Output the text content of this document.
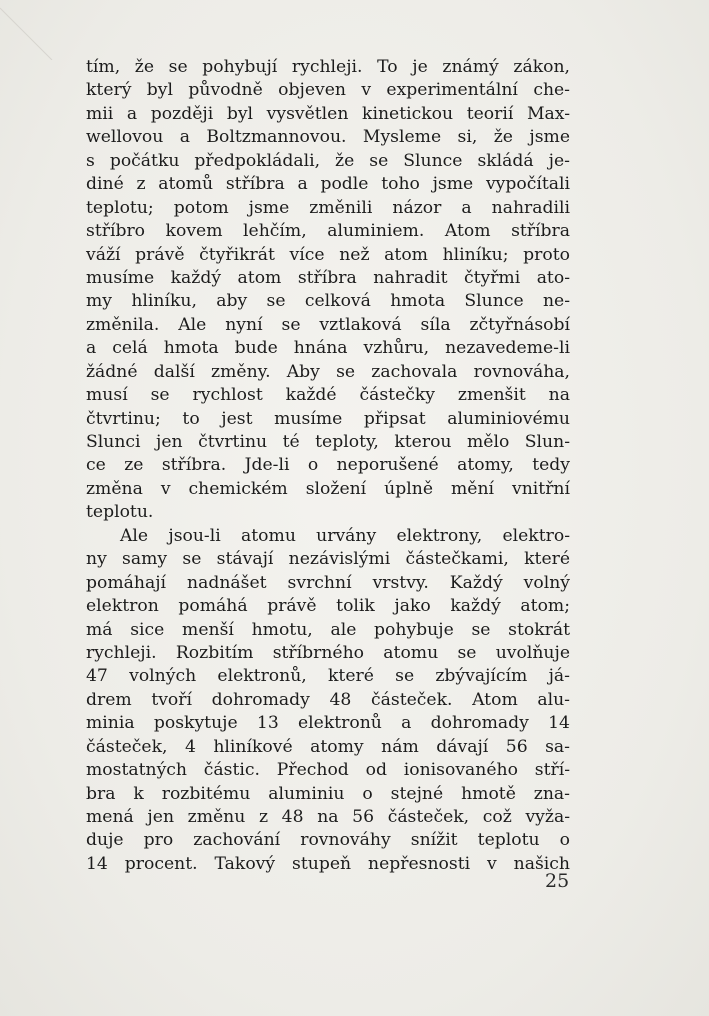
tím, že se pohybují rychleji. To je známý zákon,
který byl původně objeven v experimentální che-
mii a později byl vysvětlen kinetickou teorií Max-
wellovou a Boltzmannovou. Mysleme si, že jsme
s počátku předpokládali, že se Slunce skládá je-
diné z atomů stříbra a podle toho jsme vypočítali
teplotu; potom jsme změnili názor a nahradili
stříbro kovem lehčím, aluminiem. Atom stříbra
váží právě čtyřikrát více než atom hliníku; proto
musíme každý atom stříbra nahradit čtyřmi ato-
my hliníku, aby se celková hmota Slunce ne-
změnila. Ale nyní se vztlaková síla zčtyřnásobí
a celá hmota bude hnána vzhůru, nezavedeme-li
žádné další změny. Aby se zachovala rovnováha,
musí se rychlost každé částečky zmenšit na
čtvrtinu; to jest musíme připsat aluminiovému
Slunci jen čtvrtinu té teploty, kterou mělo Slun-
ce ze stříbra. Jde-li o neporušené atomy, tedy
změna v chemickém složení úplně mění vnitřní
teplotu.
Ale jsou-li atomu urvány elektrony, elektro-
ny samy se stávají nezávislými částečkami, které
pomáhají nadnášet svrchní vrstvy. Každý volný
elektron pomáhá právě tolik jako každý atom;
má sice menší hmotu, ale pohybuje se stokrát
rychleji. Rozbitím stříbrného atomu se uvolňuje
47 volných elektronů, které se zbývajícím já-
drem tvoří dohromady 48 částeček. Atom alu-
minia poskytuje 13 elektronů a dohromady 14
částeček, 4 hliníkové atomy nám dávají 56 sa-
mostatných částic. Přechod od ionisovaného stří-
bra k rozbitému aluminiu o stejné hmotě zna-
mená jen změnu z 48 na 56 částeček, což vyža-
duje pro zachování rovnováhy snížit teplotu o
14 procent. Takový stupeň nepřesnosti v našich
25
